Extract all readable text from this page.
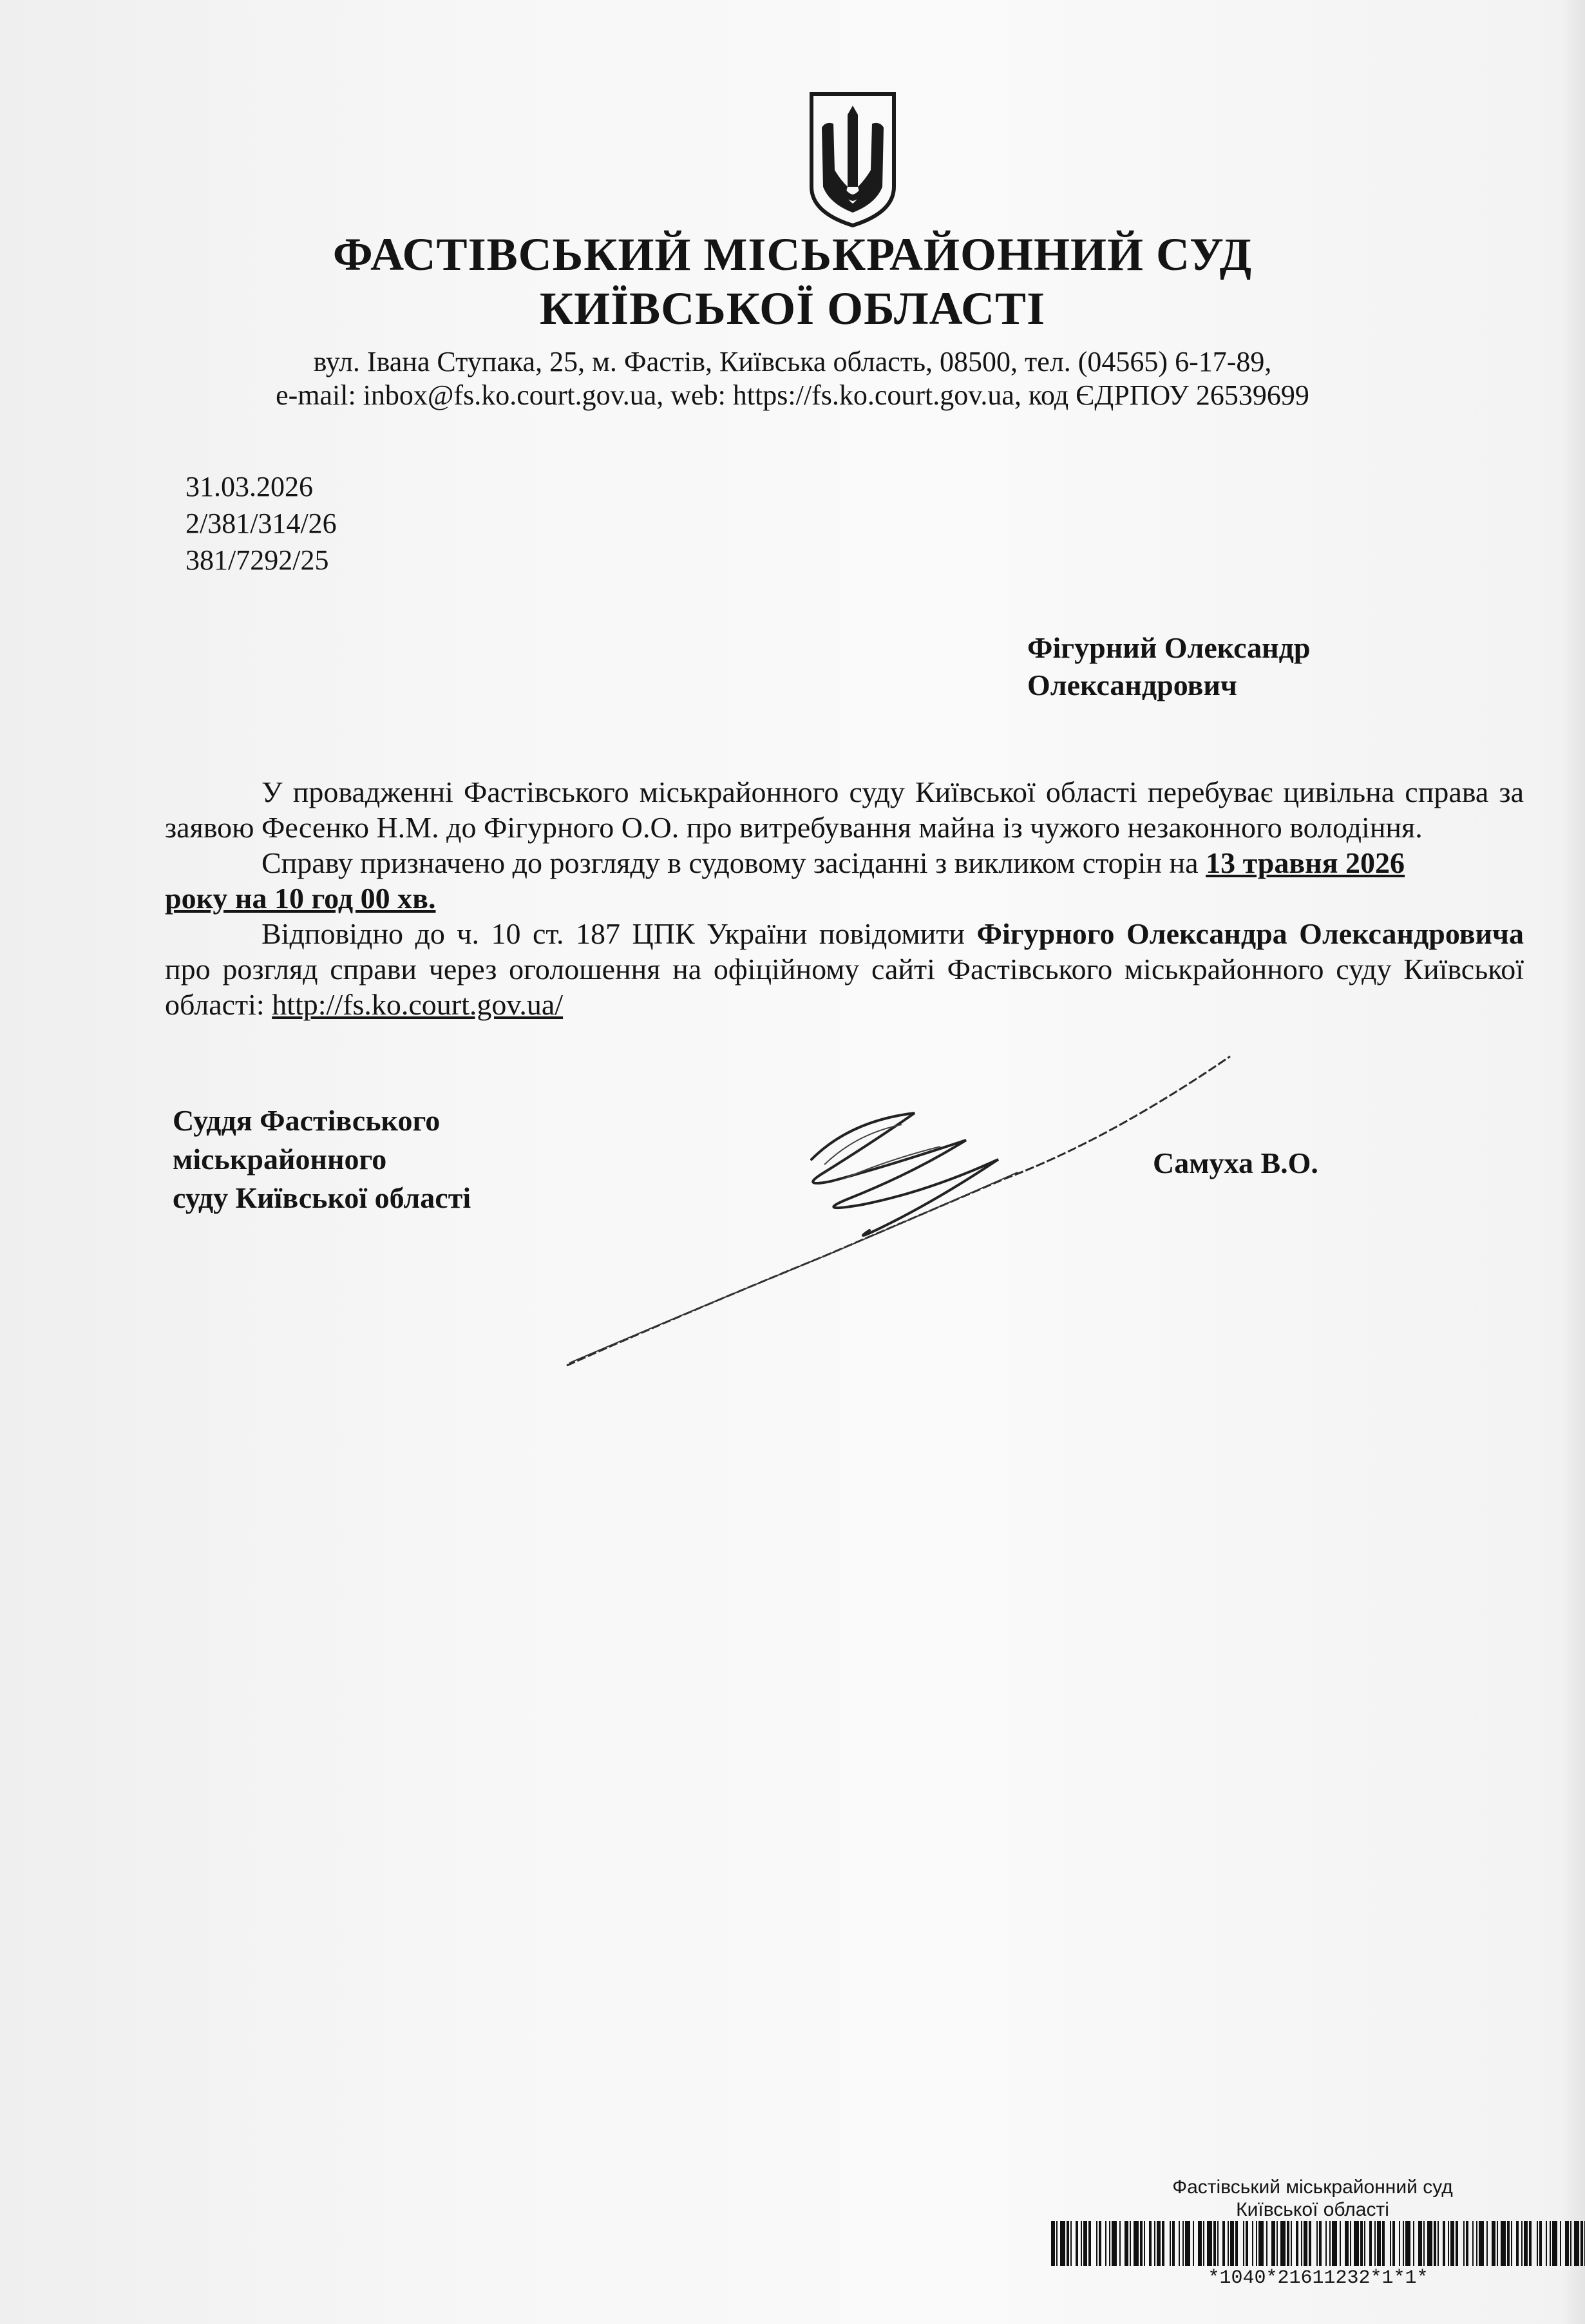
ФАСТІВСЬКИЙ МІСЬКРАЙОННИЙ СУД
КИЇВСЬКОЇ ОБЛАСТІ
вул. Івана Ступака, 25, м. Фастів, Київська область, 08500, тел. (04565) 6-17-89,
e-mail: inbox@fs.ko.court.gov.ua, web: https://fs.ko.court.gov.ua, код ЄДРПОУ 26539699
31.03.2026
2/381/314/26
381/7292/25
Фігурний Олександр
Олександрович

У провадженні Фастівського міськрайонного суду Київської області перебуває цивільна справа за заявою Фесенко Н.М. до Фігурного О.О. про витребування майна із чужого незаконного володіння.

Справу призначено до розгляду в судовому засіданні з викликом сторін на 13 травня 2026
року на 10 год 00 хв.

Відповідно до ч. 10 ст. 187 ЦПК України повідомити Фігурного Олександра Олександровича про розгляд справи через оголошення на офіційному сайті Фастівського міськрайонного суду Київської області: http://fs.ko.court.gov.ua/

Суддя Фастівського
міськрайонного
суду Київської області
Самуха В.О.
Фастівський міськрайонний суд
Київської області
*1040*21611232*1*1*
